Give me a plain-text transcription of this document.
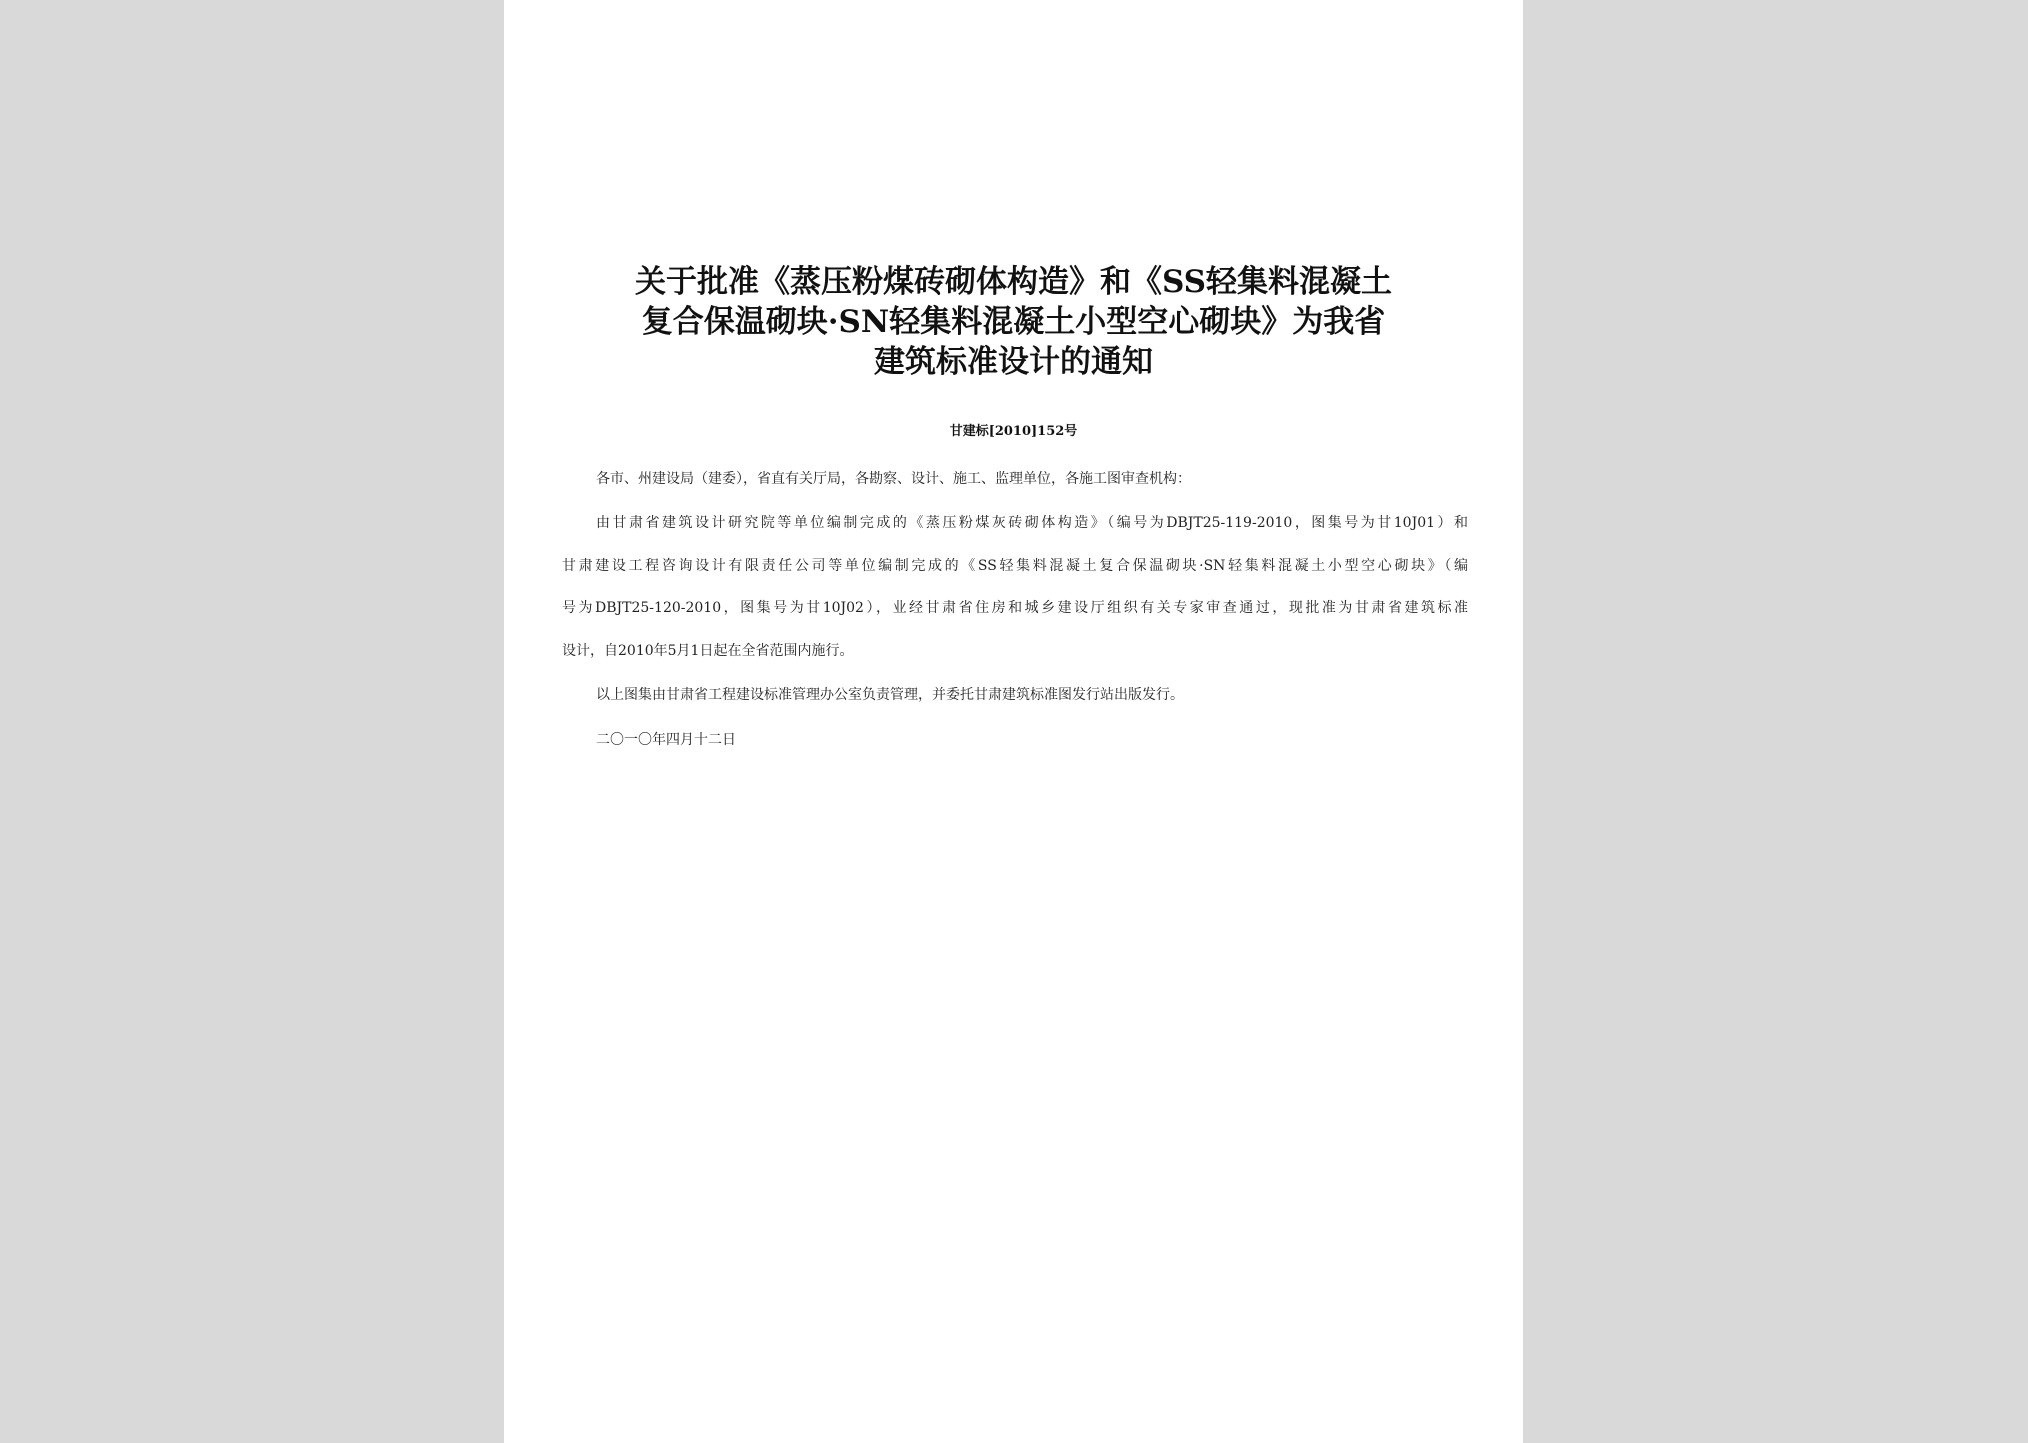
关于批准《蒸压粉煤砖砌体构造》和《SS轻集料混凝土
复合保温砌块·SN轻集料混凝土小型空心砌块》为我省
建筑标准设计的通知
甘建标[2010]152号
各市、州建设局（建委），省直有关厅局，各勘察、设计、施工、监理单位，各施工图审查机构：
由甘肃省建筑设计研究院等单位编制完成的《蒸压粉煤灰砖砌体构造》（编号为DBJT25-119-2010，图集号为甘10J01）和
甘肃建设工程咨询设计有限责任公司等单位编制完成的《SS轻集料混凝土复合保温砌块·SN轻集料混凝土小型空心砌块》（编
号为DBJT25-120-2010，图集号为甘10J02），业经甘肃省住房和城乡建设厅组织有关专家审查通过，现批准为甘肃省建筑标准
设计，自2010年5月1日起在全省范围内施行。
以上图集由甘肃省工程建设标准管理办公室负责管理，并委托甘肃建筑标准图发行站出版发行。
二〇一〇年四月十二日
